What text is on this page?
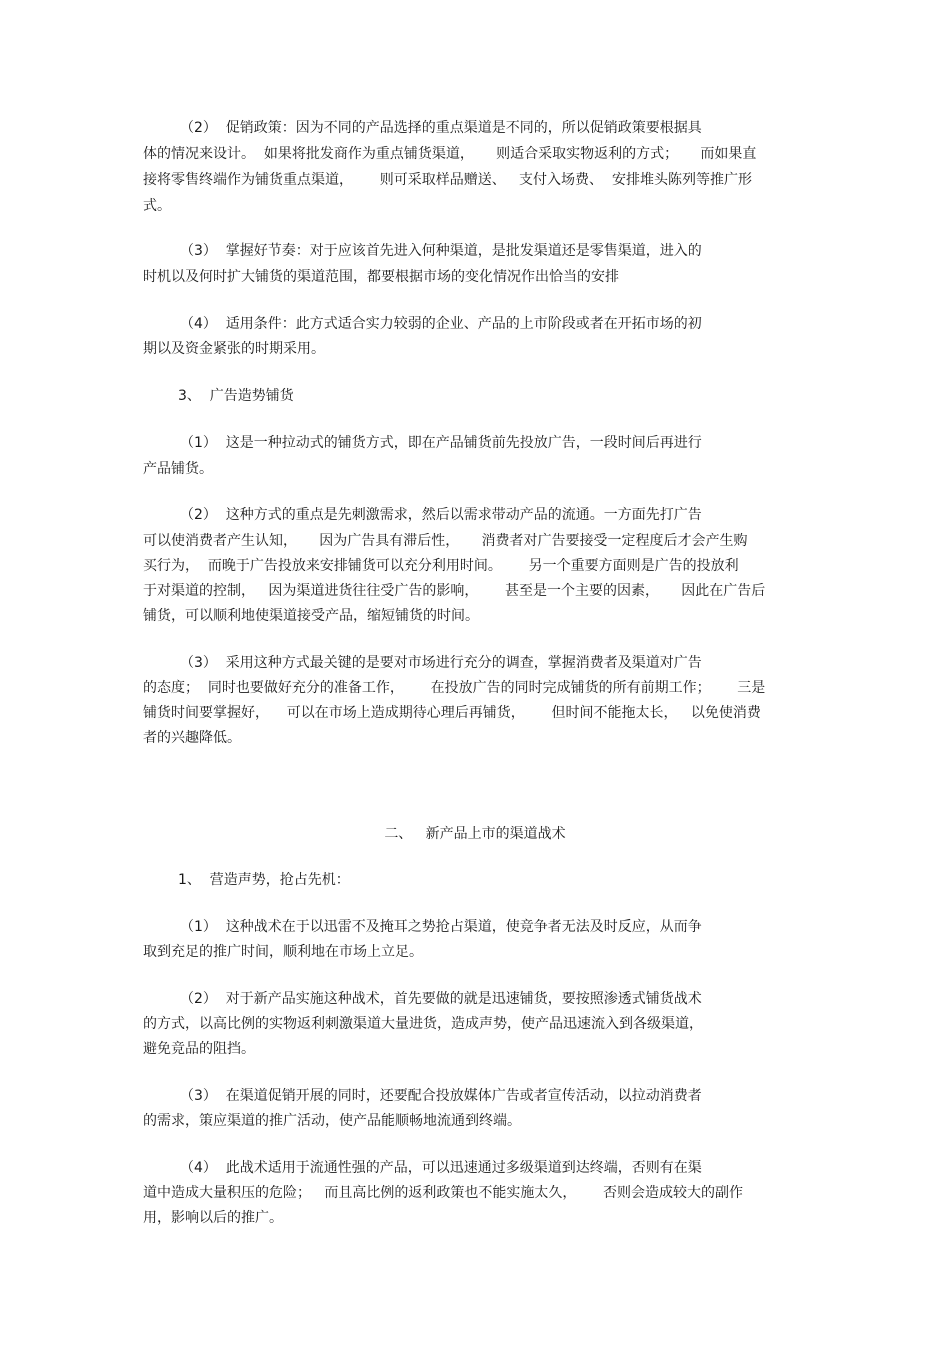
（2）  促销政策：因为不同的产品选择的重点渠道是不同的，所以促销政策要根据具

体的情况来设计。  如果将批发商作为重点铺货渠道，     则适合采取实物返利的方式；     而如果直

接将零售终端作为铺货重点渠道，      则可采取样品赠送、   支付入场费、  安排堆头陈列等推广形

式。

（3）  掌握好节奏：对于应该首先进入何种渠道，是批发渠道还是零售渠道，进入的

时机以及何时扩大铺货的渠道范围，都要根据市场的变化情况作出恰当的安排

（4）  适用条件：此方式适合实力较弱的企业、产品的上市阶段或者在开拓市场的初

期以及资金紧张的时期采用。

3、  广告造势铺货

（1）  这是一种拉动式的铺货方式，即在产品铺货前先投放广告，一段时间后再进行

产品铺货。

（2）  这种方式的重点是先刺激需求，然后以需求带动产品的流通。一方面先打广告

可以使消费者产生认知，     因为广告具有滞后性，     消费者对广告要接受一定程度后才会产生购

买行为，  而晚于广告投放来安排铺货可以充分利用时间。      另一个重要方面则是广告的投放利

于对渠道的控制，   因为渠道进货往往受广告的影响，      甚至是一个主要的因素，     因此在广告后

铺货，可以顺利地使渠道接受产品，缩短铺货的时间。

（3）  采用这种方式最关键的是要对市场进行充分的调查，掌握消费者及渠道对广告

的态度；  同时也要做好充分的准备工作，      在投放广告的同时完成铺货的所有前期工作；      三是

铺货时间要掌握好，    可以在市场上造成期待心理后再铺货，      但时间不能拖太长，   以免使消费

者的兴趣降低。

二、   新产品上市的渠道战术

1、  营造声势，抢占先机：

（1）  这种战术在于以迅雷不及掩耳之势抢占渠道，使竞争者无法及时反应，从而争

取到充足的推广时间，顺利地在市场上立足。

（2）  对于新产品实施这种战术，首先要做的就是迅速铺货，要按照渗透式铺货战术

的方式，以高比例的实物返利刺激渠道大量进货，造成声势，使产品迅速流入到各级渠道，

避免竞品的阻挡。

（3）  在渠道促销开展的同时，还要配合投放媒体广告或者宣传活动，以拉动消费者

的需求，策应渠道的推广活动，使产品能顺畅地流通到终端。

（4）  此战术适用于流通性强的产品，可以迅速通过多级渠道到达终端，否则有在渠

道中造成大量积压的危险；   而且高比例的返利政策也不能实施太久，      否则会造成较大的副作

用，影响以后的推广。
